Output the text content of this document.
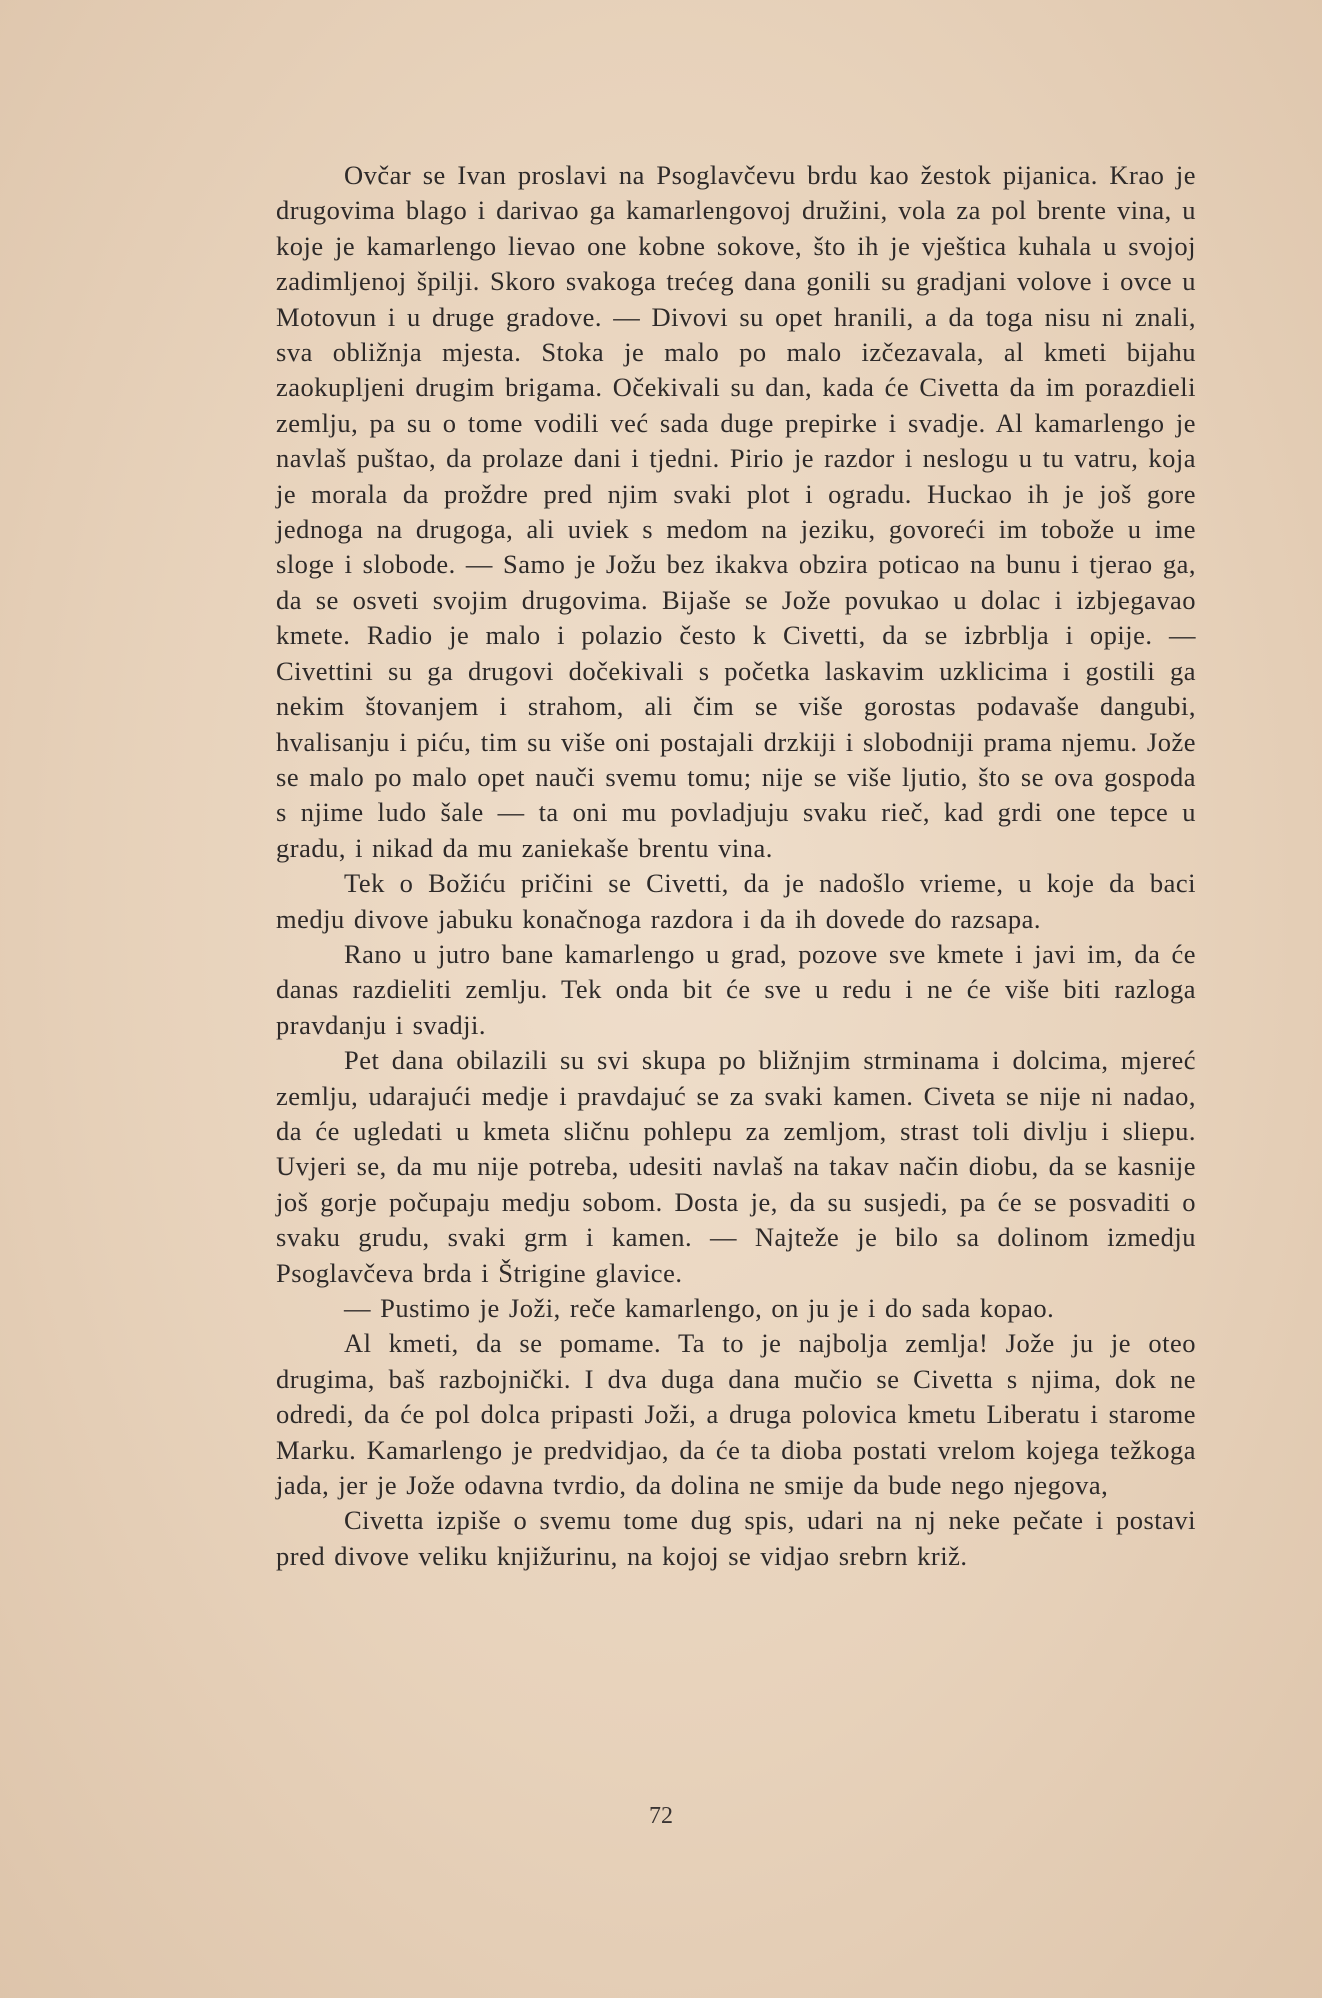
Ovčar se Ivan proslavi na Psoglavčevu brdu kao žestok pijanica. Krao je drugovima blago i darivao ga kamarlengovoj družini, vola za pol brente vina, u koje je kamarlengo lievao one kobne sokove, što ih je vještica kuhala u svojoj zadimljenoj špilji. Skoro svakoga trećeg dana gonili su gradjani volove i ovce u Motovun i u druge gradove. — Divovi su opet hranili, a da toga nisu ni znali, sva obližnja mjesta. Stoka je malo po malo izčezavala, al kmeti bijahu zaokupljeni drugim brigama. Očekivali su dan, kada će Civetta da im porazdieli zemlju, pa su o tome vodili već sada duge prepirke i svadje. Al kamarlengo je navlaš puštao, da prolaze dani i tjedni. Pirio je razdor i neslogu u tu vatru, koja je morala da proždre pred njim svaki plot i ogradu. Huckao ih je još gore jednoga na drugoga, ali uviek s medom na jeziku, govoreći im tobože u ime sloge i slobode. — Samo je Jožu bez ikakva obzira poticao na bunu i tjerao ga, da se osveti svojim drugovima. Bijaše se Jože povukao u dolac i izbjegavao kmete. Radio je malo i polazio često k Civetti, da se izbrblja i opije. — Civettini su ga drugovi dočekivali s početka laskavim uzklicima i gostili ga nekim štovanjem i strahom, ali čim se više gorostas podavaše dangubi, hvalisanju i piću, tim su više oni postajali drzkiji i slobodniji prama njemu. Jože se malo po malo opet nauči svemu tomu; nije se više ljutio, što se ova gospoda s njime ludo šale — ta oni mu povladjuju svaku rieč, kad grdi one tepce u gradu, i nikad da mu zaniekaše brentu vina.

Tek o Božiću pričini se Civetti, da je nadošlo vrieme, u koje da baci medju divove jabuku konačnoga razdora i da ih dovede do razsapa.

Rano u jutro bane kamarlengo u grad, pozove sve kmete i javi im, da će danas razdieliti zemlju. Tek onda bit će sve u redu i ne će više biti razloga pravdanju i svadji.

Pet dana obilazili su svi skupa po bližnjim strminama i dolcima, mjereć zemlju, udarajući medje i pravdajuć se za svaki kamen. Civeta se nije ni nadao, da će ugledati u kmeta sličnu pohlepu za zemljom, strast toli divlju i sliepu. Uvjeri se, da mu nije potreba, udesiti navlaš na takav način diobu, da se kasnije još gorje počupaju medju sobom. Dosta je, da su susjedi, pa će se posvaditi o svaku grudu, svaki grm i kamen. — Najteže je bilo sa dolinom izmedju Psoglavčeva brda i Štrigine glavice.

— Pustimo je Joži, reče kamarlengo, on ju je i do sada kopao.

Al kmeti, da se pomame. Ta to je najbolja zemlja! Jože ju je oteo drugima, baš razbojnički. I dva duga dana mučio se Civetta s njima, dok ne odredi, da će pol dolca pripasti Joži, a druga polovica kmetu Liberatu i starome Marku. Kamarlengo je predvidjao, da će ta dioba postati vrelom kojega težkoga jada, jer je Jože odavna tvrdio, da dolina ne smije da bude nego njegova,

Civetta izpiše o svemu tome dug spis, udari na nj neke pečate i postavi pred divove veliku knjižurinu, na kojoj se vidjao srebrn križ.

72
